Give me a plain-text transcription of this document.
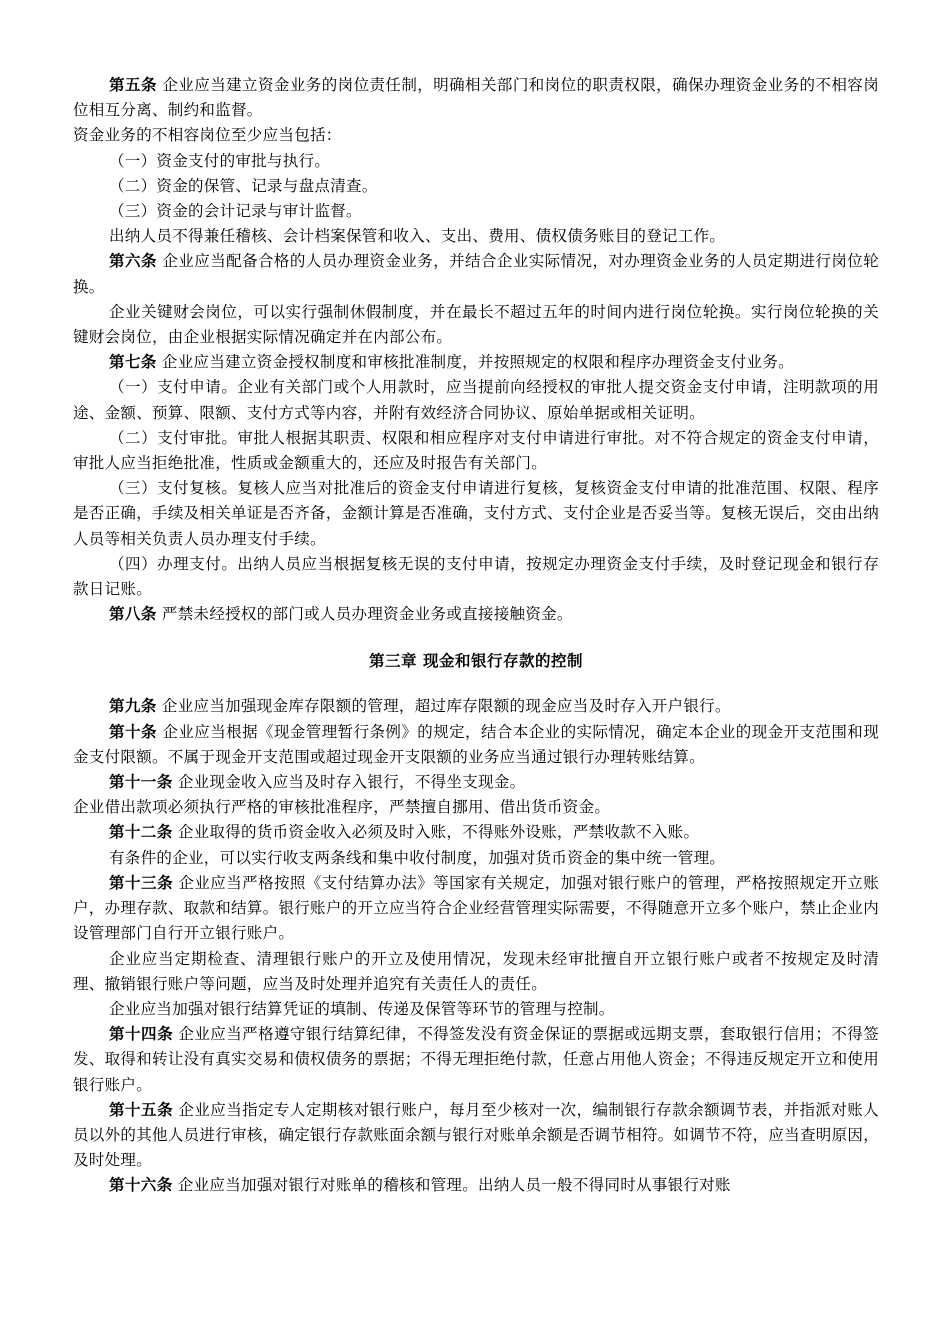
第五条 企业应当建立资金业务的岗位责任制，明确相关部门和岗位的职责权限，确保办理资金业务的不相容岗位相互分离、制约和监督。

资金业务的不相容岗位至少应当包括：

（一）资金支付的审批与执行。

（二）资金的保管、记录与盘点清查。

（三）资金的会计记录与审计监督。

出纳人员不得兼任稽核、会计档案保管和收入、支出、费用、债权债务账目的登记工作。

第六条 企业应当配备合格的人员办理资金业务，并结合企业实际情况，对办理资金业务的人员定期进行岗位轮换。

企业关键财会岗位，可以实行强制休假制度，并在最长不超过五年的时间内进行岗位轮换。实行岗位轮换的关键财会岗位，由企业根据实际情况确定并在内部公布。

第七条 企业应当建立资金授权制度和审核批准制度，并按照规定的权限和程序办理资金支付业务。

（一）支付申请。企业有关部门或个人用款时，应当提前向经授权的审批人提交资金支付申请，注明款项的用途、金额、预算、限额、支付方式等内容，并附有效经济合同协议、原始单据或相关证明。

（二）支付审批。审批人根据其职责、权限和相应程序对支付申请进行审批。对不符合规定的资金支付申请，审批人应当拒绝批准，性质或金额重大的，还应及时报告有关部门。

（三）支付复核。复核人应当对批准后的资金支付申请进行复核，复核资金支付申请的批准范围、权限、程序是否正确，手续及相关单证是否齐备，金额计算是否准确，支付方式、支付企业是否妥当等。复核无误后，交由出纳人员等相关负责人员办理支付手续。

（四）办理支付。出纳人员应当根据复核无误的支付申请，按规定办理资金支付手续，及时登记现金和银行存款日记账。

第八条 严禁未经授权的部门或人员办理资金业务或直接接触资金。

第三章 现金和银行存款的控制

第九条 企业应当加强现金库存限额的管理，超过库存限额的现金应当及时存入开户银行。

第十条 企业应当根据《现金管理暂行条例》的规定，结合本企业的实际情况，确定本企业的现金开支范围和现金支付限额。不属于现金开支范围或超过现金开支限额的业务应当通过银行办理转账结算。

第十一条 企业现金收入应当及时存入银行，不得坐支现金。

企业借出款项必须执行严格的审核批准程序，严禁擅自挪用、借出货币资金。

第十二条 企业取得的货币资金收入必须及时入账，不得账外设账，严禁收款不入账。

有条件的企业，可以实行收支两条线和集中收付制度，加强对货币资金的集中统一管理。

第十三条 企业应当严格按照《支付结算办法》等国家有关规定，加强对银行账户的管理，严格按照规定开立账户，办理存款、取款和结算。银行账户的开立应当符合企业经营管理实际需要，不得随意开立多个账户，禁止企业内设管理部门自行开立银行账户。

企业应当定期检查、清理银行账户的开立及使用情况，发现未经审批擅自开立银行账户或者不按规定及时清理、撤销银行账户等问题，应当及时处理并追究有关责任人的责任。

企业应当加强对银行结算凭证的填制、传递及保管等环节的管理与控制。

第十四条 企业应当严格遵守银行结算纪律，不得签发没有资金保证的票据或远期支票，套取银行信用；不得签发、取得和转让没有真实交易和债权债务的票据；不得无理拒绝付款，任意占用他人资金；不得违反规定开立和使用银行账户。

第十五条 企业应当指定专人定期核对银行账户，每月至少核对一次，编制银行存款余额调节表，并指派对账人员以外的其他人员进行审核，确定银行存款账面余额与银行对账单余额是否调节相符。如调节不符，应当查明原因，及时处理。

第十六条 企业应当加强对银行对账单的稽核和管理。出纳人员一般不得同时从事银行对账
